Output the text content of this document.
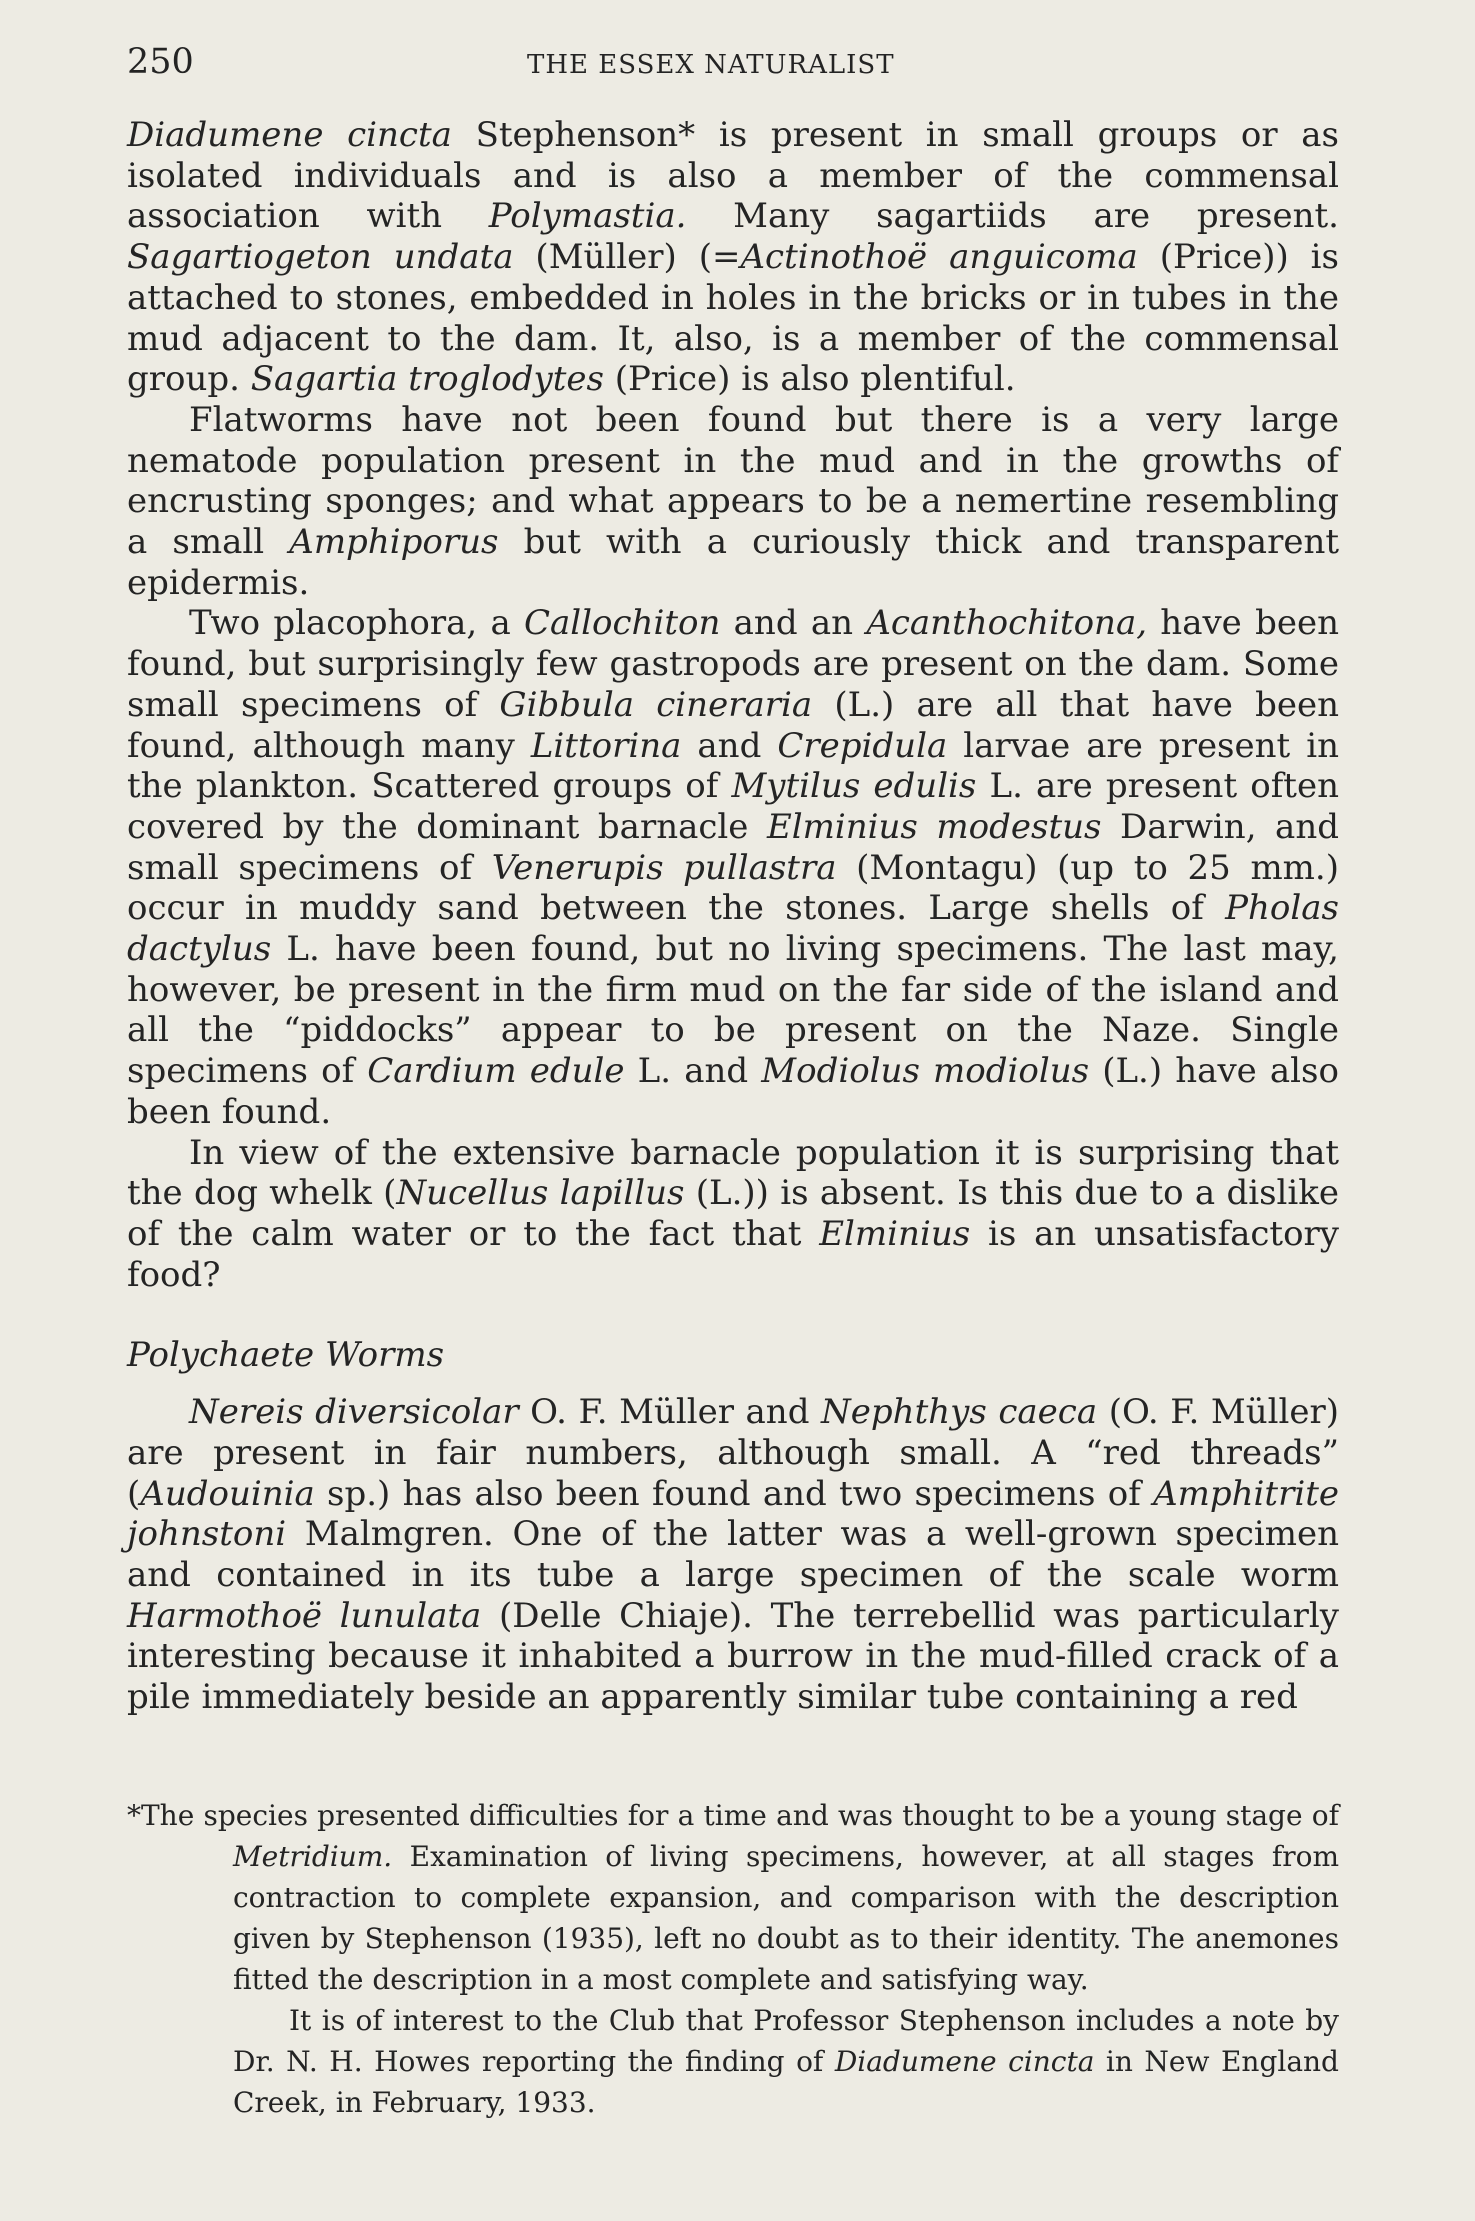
250	THE ESSEX NATURALIST

Diadumene cincta Stephenson* is present in small groups or as isolated individuals and is also a member of the commensal association with Polymastia. Many sagartiids are present. Sagartiogeton undata (Müller) (=Actinothoë anguicoma (Price)) is attached to stones, embedded in holes in the bricks or in tubes in the mud adjacent to the dam. It, also, is a member of the commensal group. Sagartia troglodytes (Price) is also plentiful.

Flatworms have not been found but there is a very large nematode population present in the mud and in the growths of encrusting sponges; and what appears to be a nemertine resembling a small Amphiporus but with a curiously thick and transparent epidermis.

Two placophora, a Callochiton and an Acanthochitona, have been found, but surprisingly few gastropods are present on the dam. Some small specimens of Gibbula cineraria (L.) are all that have been found, although many Littorina and Crepidula larvae are present in the plankton. Scattered groups of Mytilus edulis L. are present often covered by the dominant barnacle Elminius modestus Darwin, and small specimens of Venerupis pullastra (Montagu) (up to 25 mm.) occur in muddy sand between the stones. Large shells of Pholas dactylus L. have been found, but no living specimens. The last may, however, be present in the firm mud on the far side of the island and all the “piddocks” appear to be present on the Naze. Single specimens of Cardium edule L. and Modiolus modiolus (L.) have also been found.

In view of the extensive barnacle population it is surprising that the dog whelk (Nucellus lapillus (L.)) is absent. Is this due to a dislike of the calm water or to the fact that Elminius is an unsatisfactory food?

Polychaete Worms

Nereis diversicolar O. F. Müller and Nephthys caeca (O. F. Müller) are present in fair numbers, although small. A “red threads” (Audouinia sp.) has also been found and two specimens of Amphitrite johnstoni Malmgren. One of the latter was a well-grown specimen and contained in its tube a large specimen of the scale worm Harmothoë lunulata (Delle Chiaje). The terrebellid was particularly interesting because it inhabited a burrow in the mud-filled crack of a pile immediately beside an apparently similar tube containing a red

*The species presented difficulties for a time and was thought to be a young stage of Metridium. Examination of living specimens, however, at all stages from contraction to complete expansion, and comparison with the description given by Stephenson (1935), left no doubt as to their identity. The anemones fitted the description in a most complete and satisfying way.

It is of interest to the Club that Professor Stephenson includes a note by Dr. N. H. Howes reporting the finding of Diadumene cincta in New England Creek, in February, 1933.
